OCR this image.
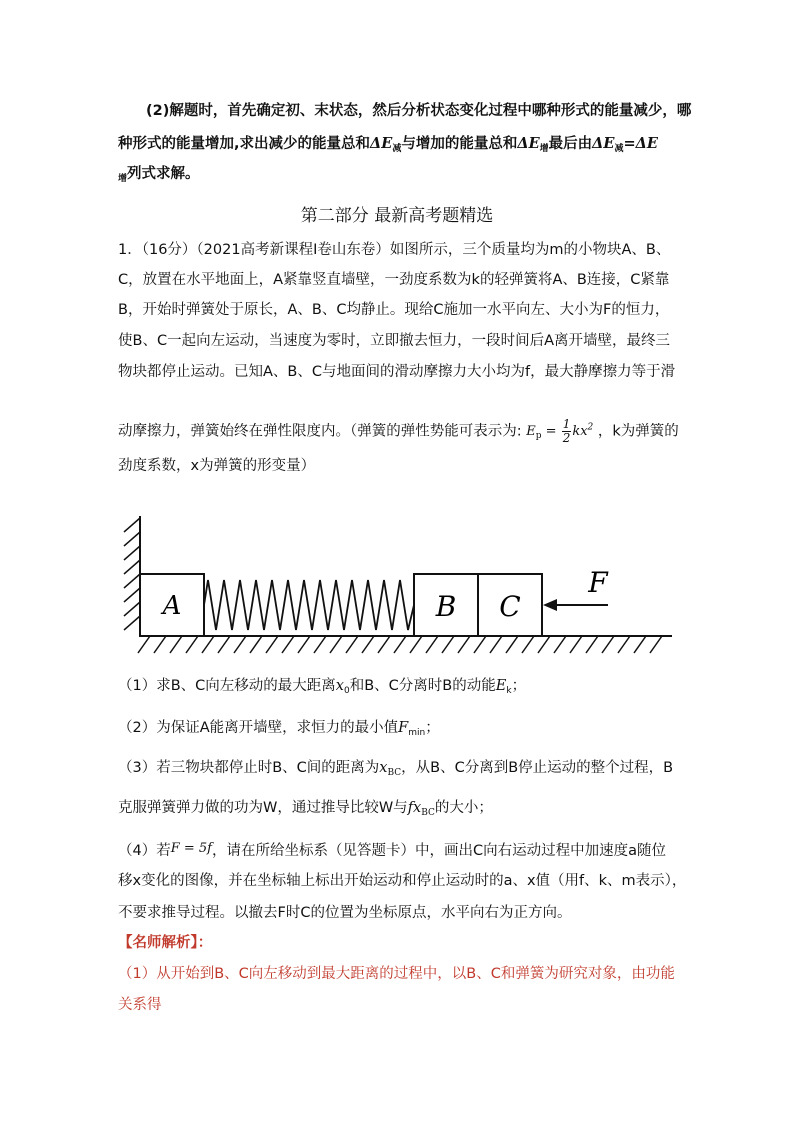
(2)解题时，首先确定初、末状态，然后分析状态变化过程中哪种形式的能量减少，哪
种形式的能量增加,求出减少的能量总和$\Delta E_减$与增加的能量总和$\Delta E_增$最后由$\Delta E_减=\Delta E$
$_增$列式求解。
第二部分 最新高考题精选
1．（16分）（2021高考新课程Ⅰ卷山东卷）如图所示，三个质量均为m的小物块A、B、
C，放置在水平地面上，A紧靠竖直墙壁，一劲度系数为k的轻弹簧将A、B连接，C紧靠
B，开始时弹簧处于原长，A、B、C均静止。现给C施加一水平向左、大小为F的恒力，
使B、C一起向左运动，当速度为零时，立即撤去恒力，一段时间后A离开墙壁，最终三
物块都停止运动。已知A、B、C与地面间的滑动摩擦力大小均为f，最大静摩擦力等于滑
动摩擦力，弹簧始终在弹性限度内。（弹簧的弹性势能可表示为: $E_p = \frac{1}{2} kx^2$ ，k为弹簧的
劲度系数，x为弹簧的形变量）
A	B C
F
（1）求B、C向左移动的最大距离$x_0$和B、C分离时B的动能$E_k$；
（2）为保证A能离开墙壁，求恒力的最小值$F_{min}$；
（3）若三物块都停止时B、C间的距离为$x_{BC}$，从B、C分离到B停止运动的整个过程，B
克服弹簧弹力做的功为W，通过推导比较W与$fx_{BC}$的大小；
（4）若F = 5f，请在所给坐标系（见答题卡）中，画出C向右运动过程中加速度a随位
移x变化的图像，并在坐标轴上标出开始运动和停止运动时的a、x值（用f、k、m表示），
不要求推导过程。以撤去F时C的位置为坐标原点，水平向右为正方向。
【名师解析】：
（1）从开始到B、C向左移动到最大距离的过程中，以B、C和弹簧为研究对象，由功能
关系得
